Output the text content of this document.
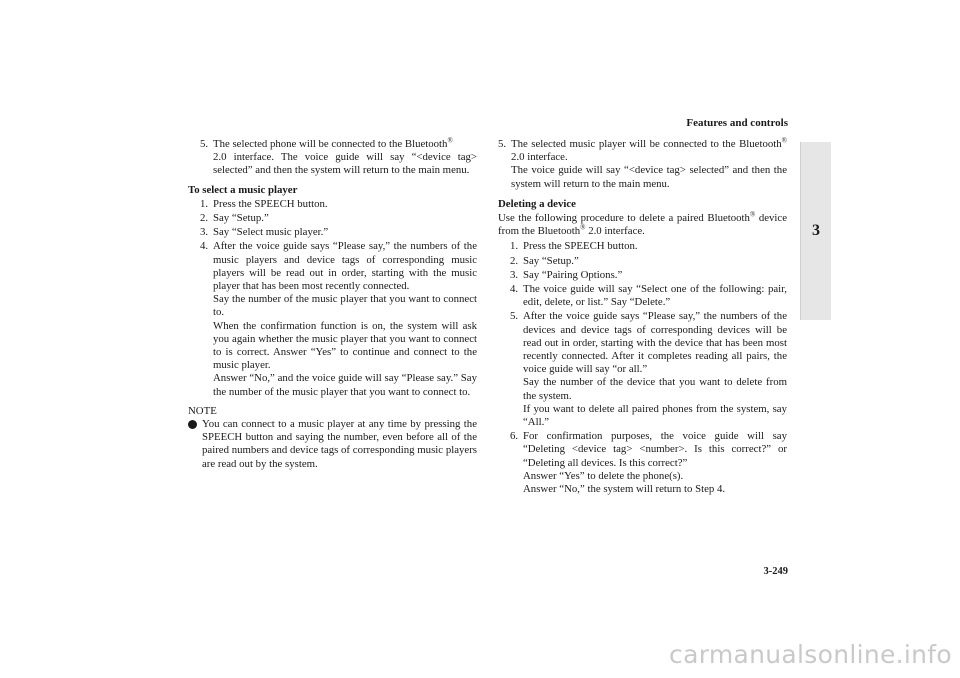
Features and controls
3
5. The selected phone will be connected to the Bluetooth®
2.0 interface. The voice guide will say “<device tag> selected” and then the system will return to the main menu.
To select a music player
1. Press the SPEECH button.
2. Say “Setup.”
3. Say “Select music player.”
4. After the voice guide says “Please say,” the numbers of the music players and device tags of corresponding music players will be read out in order, starting with the music player that has been most recently connected.
Say the number of the music player that you want to connect to.
When the confirmation function is on, the system will ask you again whether the music player that you want to connect to is correct. Answer “Yes” to continue and connect to the music player.
Answer “No,” and the voice guide will say “Please say.” Say the number of the music player that you want to connect to.
NOTE
You can connect to a music player at any time by pressing the SPEECH button and saying the number, even before all of the paired numbers and device tags of corresponding music players are read out by the system.
5. The selected music player will be connected to the Bluetooth® 2.0 interface.
The voice guide will say “<device tag> selected” and then the system will return to the main menu.
Deleting a device
Use the following procedure to delete a paired Bluetooth® device from the Bluetooth® 2.0 interface.
1. Press the SPEECH button.
2. Say “Setup.”
3. Say “Pairing Options.”
4. The voice guide will say “Select one of the following: pair, edit, delete, or list.” Say “Delete.”
5. After the voice guide says “Please say,” the numbers of the devices and device tags of corresponding devices will be read out in order, starting with the device that has been most recently connected. After it completes reading all pairs, the voice guide will say “or all.”
Say the number of the device that you want to delete from the system.
If you want to delete all paired phones from the system, say “All.”
6. For confirmation purposes, the voice guide will say “Deleting <device tag> <number>. Is this correct?” or “Deleting all devices. Is this correct?”
Answer “Yes” to delete the phone(s).
Answer “No,” the system will return to Step 4.
3-249
carmanualsonline.info
